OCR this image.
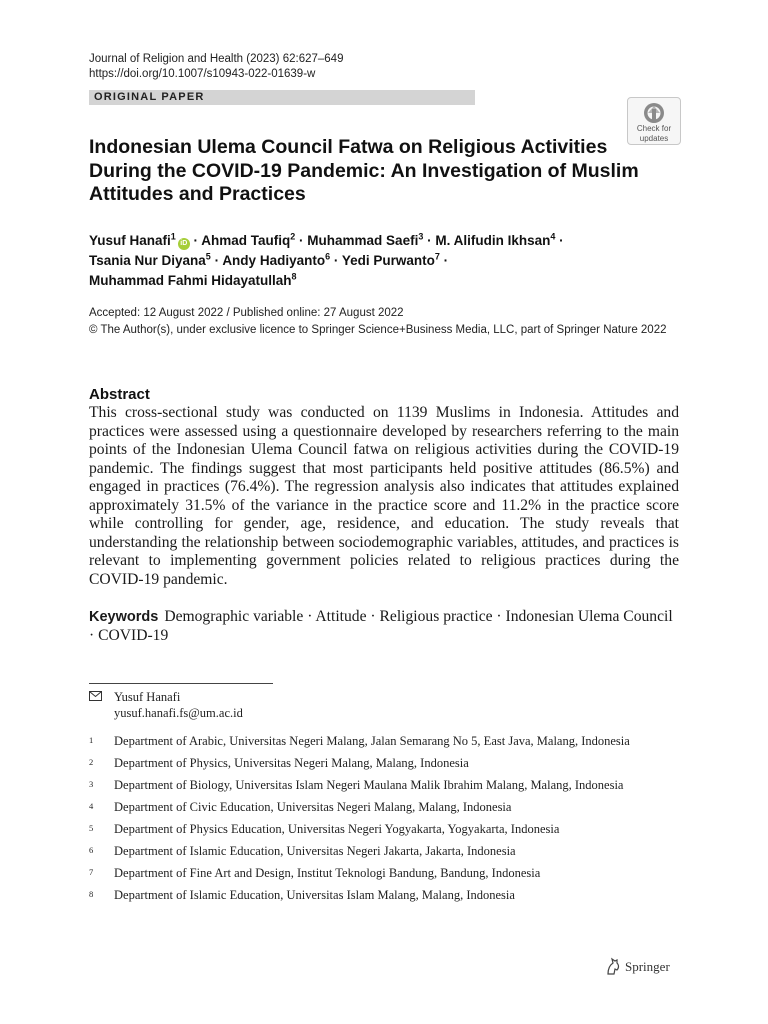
Journal of Religion and Health (2023) 62:627–649
https://doi.org/10.1007/s10943-022-01639-w
ORIGINAL PAPER
Check for
updates
Indonesian Ulema Council Fatwa on Religious Activities During the COVID-19 Pandemic: An Investigation of Muslim Attitudes and Practices
Yusuf Hanafi$^1$iD · Ahmad Taufiq$^2$ · Muhammad Saefi$^3$ · M. Alifudin Ikhsan$^4$ ·
Tsania Nur Diyana$^5$ · Andy Hadiyanto$^6$ · Yedi Purwanto$^7$ ·
Muhammad Fahmi Hidayatullah$^8$
Accepted: 12 August 2022 / Published online: 27 August 2022
© The Author(s), under exclusive licence to Springer Science+Business Media, LLC, part of Springer Nature 2022
Abstract
This cross-sectional study was conducted on 1139 Muslims in Indonesia. Attitudes and practices were assessed using a questionnaire developed by researchers referring to the main points of the Indonesian Ulema Council fatwa on religious activities during the COVID-19 pandemic. The findings suggest that most participants held positive attitudes (86.5%) and engaged in practices (76.4%). The regression analysis also indicates that attitudes explained approximately 31.5% of the variance in the practice score and 11.2% in the practice score while controlling for gender, age, residence, and education. The study reveals that understanding the relationship between sociodemographic variables, attitudes, and practices is relevant to implementing government policies related to religious practices during the COVID-19 pandemic.
Keywords Demographic variable · Attitude · Religious practice · Indonesian Ulema Council · COVID-19
Yusuf Hanafi
yusuf.hanafi.fs@um.ac.id
1 Department of Arabic, Universitas Negeri Malang, Jalan Semarang No 5, East Java, Malang, Indonesia
2 Department of Physics, Universitas Negeri Malang, Malang, Indonesia
3 Department of Biology, Universitas Islam Negeri Maulana Malik Ibrahim Malang, Malang, Indonesia
4 Department of Civic Education, Universitas Negeri Malang, Malang, Indonesia
5 Department of Physics Education, Universitas Negeri Yogyakarta, Yogyakarta, Indonesia
6 Department of Islamic Education, Universitas Negeri Jakarta, Jakarta, Indonesia
7 Department of Fine Art and Design, Institut Teknologi Bandung, Bandung, Indonesia
8 Department of Islamic Education, Universitas Islam Malang, Malang, Indonesia
Springer
